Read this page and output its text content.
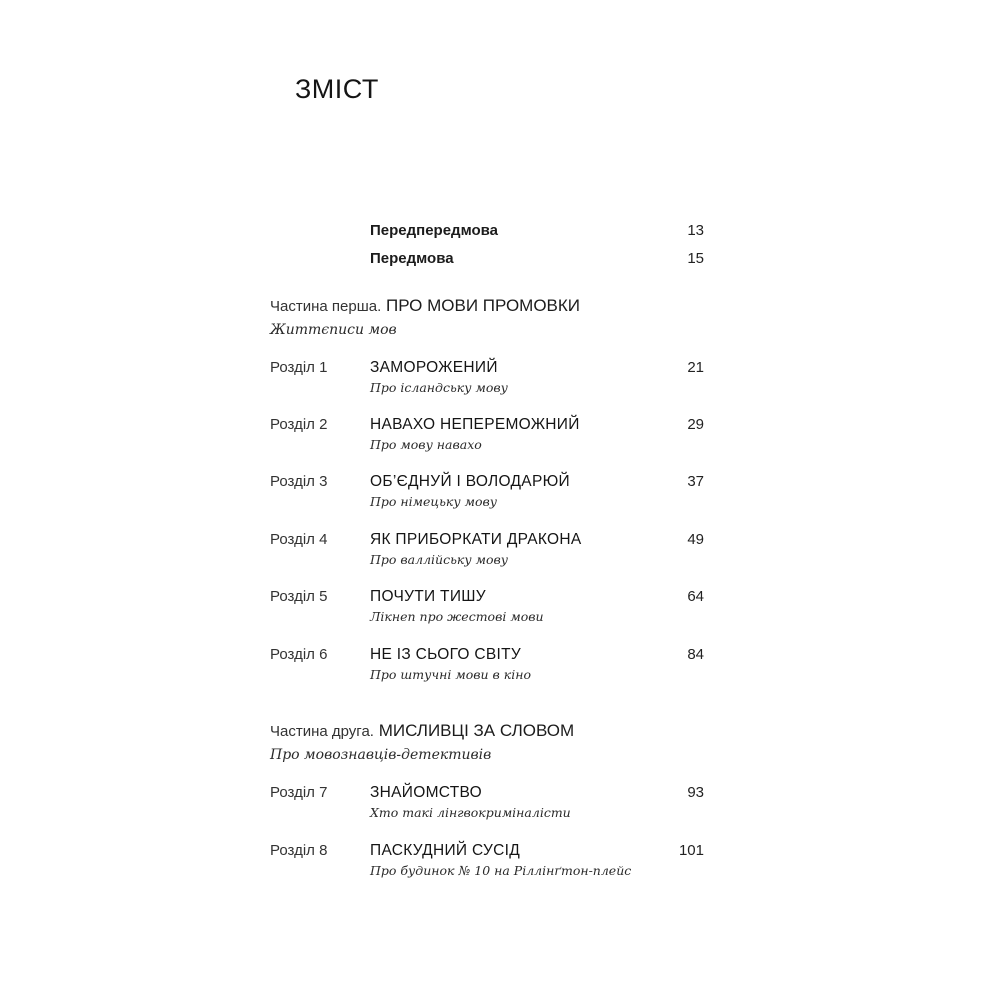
ЗМІСТ
Передпередмова	13
Передмова	15
Частина перша. ПРО МОВИ ПРОМОВКИ
Життєписи мов
Розділ 1	ЗАМОРОЖЕНИЙ	21
Про ісландську мову
Розділ 2	НАВАХО НЕПЕРЕМОЖНИЙ	29
Про мову навахо
Розділ 3	ОБ’ЄДНУЙ І ВОЛОДАРЮЙ	37
Про німецьку мову
Розділ 4	ЯК ПРИБОРКАТИ ДРАКОНА	49
Про валлійську мову
Розділ 5	ПОЧУТИ ТИШУ	64
Лікнеп про жестові мови
Розділ 6	НЕ ІЗ СЬОГО СВІТУ	84
Про штучні мови в кіно
Частина друга. МИСЛИВЦІ ЗА СЛОВОМ
Про мовознавців-детективів
Розділ 7	ЗНАЙОМСТВО	93
Хто такі лінгвокриміналісти
Розділ 8	ПАСКУДНИЙ СУСІД	101
Про будинок № 10 на Ріллінґтон-плейс
